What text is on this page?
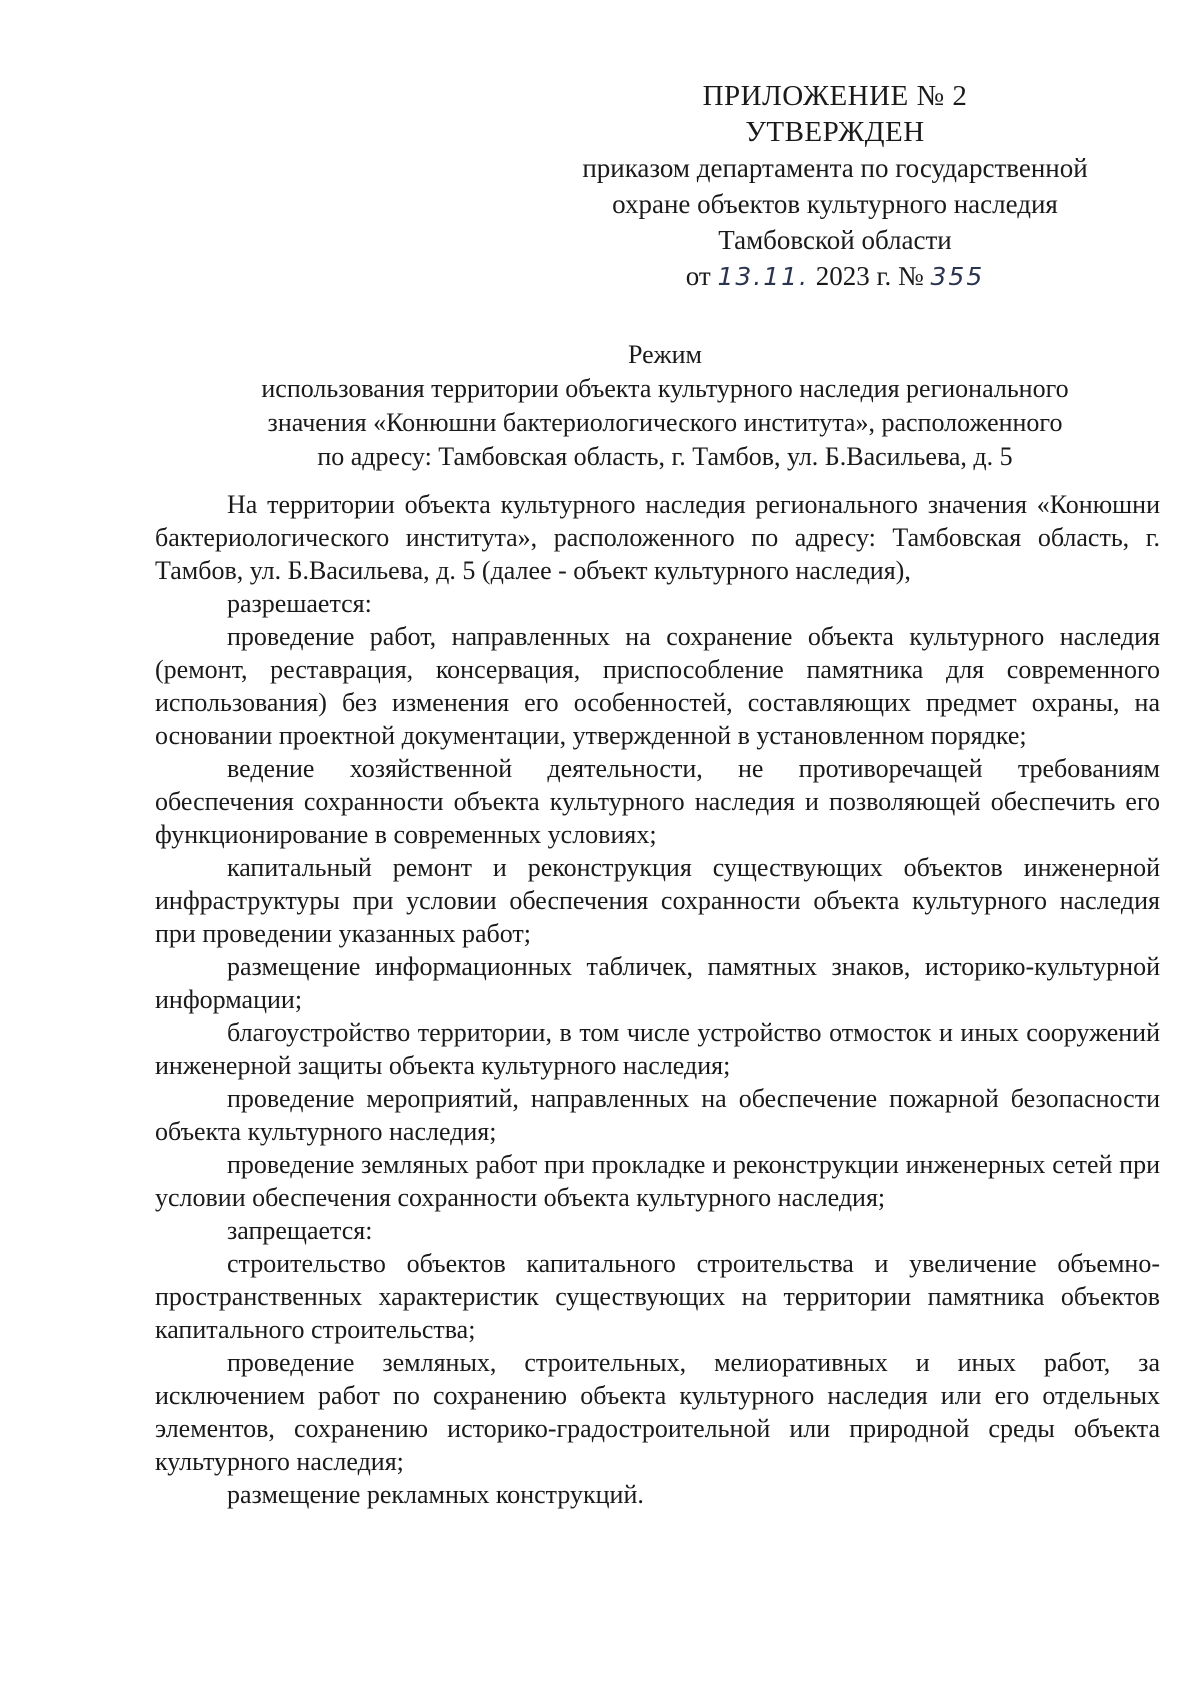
ПРИЛОЖЕНИЕ № 2
УТВЕРЖДЕН
приказом департамента по государственной
охране объектов культурного наследия
Тамбовской области
от 13.11. 2023 г. № 355
Режим
использования территории объекта культурного наследия регионального
значения «Конюшни бактериологического института», расположенного
по адресу: Тамбовская область, г. Тамбов, ул. Б.Васильева, д. 5

На территории объекта культурного наследия регионального значения «Конюшни бактериологического института», расположенного по адресу: Тамбовская область, г. Тамбов, ул. Б.Васильева, д. 5 (далее - объект культурного наследия),

разрешается:

проведение работ, направленных на сохранение объекта культурного наследия (ремонт, реставрация, консервация, приспособление памятника для современного использования) без изменения его особенностей, составляющих предмет охраны, на основании проектной документации, утвержденной в установленном порядке;

ведение хозяйственной деятельности, не противоречащей требованиям обеспечения сохранности объекта культурного наследия и позволяющей обеспечить его функционирование в современных условиях;

капитальный ремонт и реконструкция существующих объектов инженерной инфраструктуры при условии обеспечения сохранности объекта культурного наследия при проведении указанных работ;

размещение информационных табличек, памятных знаков, историко-культурной информации;

благоустройство территории, в том числе устройство отмосток и иных сооружений инженерной защиты объекта культурного наследия;

проведение мероприятий, направленных на обеспечение пожарной безопасности объекта культурного наследия;

проведение земляных работ при прокладке и реконструкции инженерных сетей при условии обеспечения сохранности объекта культурного наследия;

запрещается:

строительство объектов капитального строительства и увеличение объемно-пространственных характеристик существующих на территории памятника объектов капитального строительства;

проведение земляных, строительных, мелиоративных и иных работ, за исключением работ по сохранению объекта культурного наследия или его отдельных элементов, сохранению историко-градостроительной или природной среды объекта культурного наследия;

размещение рекламных конструкций.
